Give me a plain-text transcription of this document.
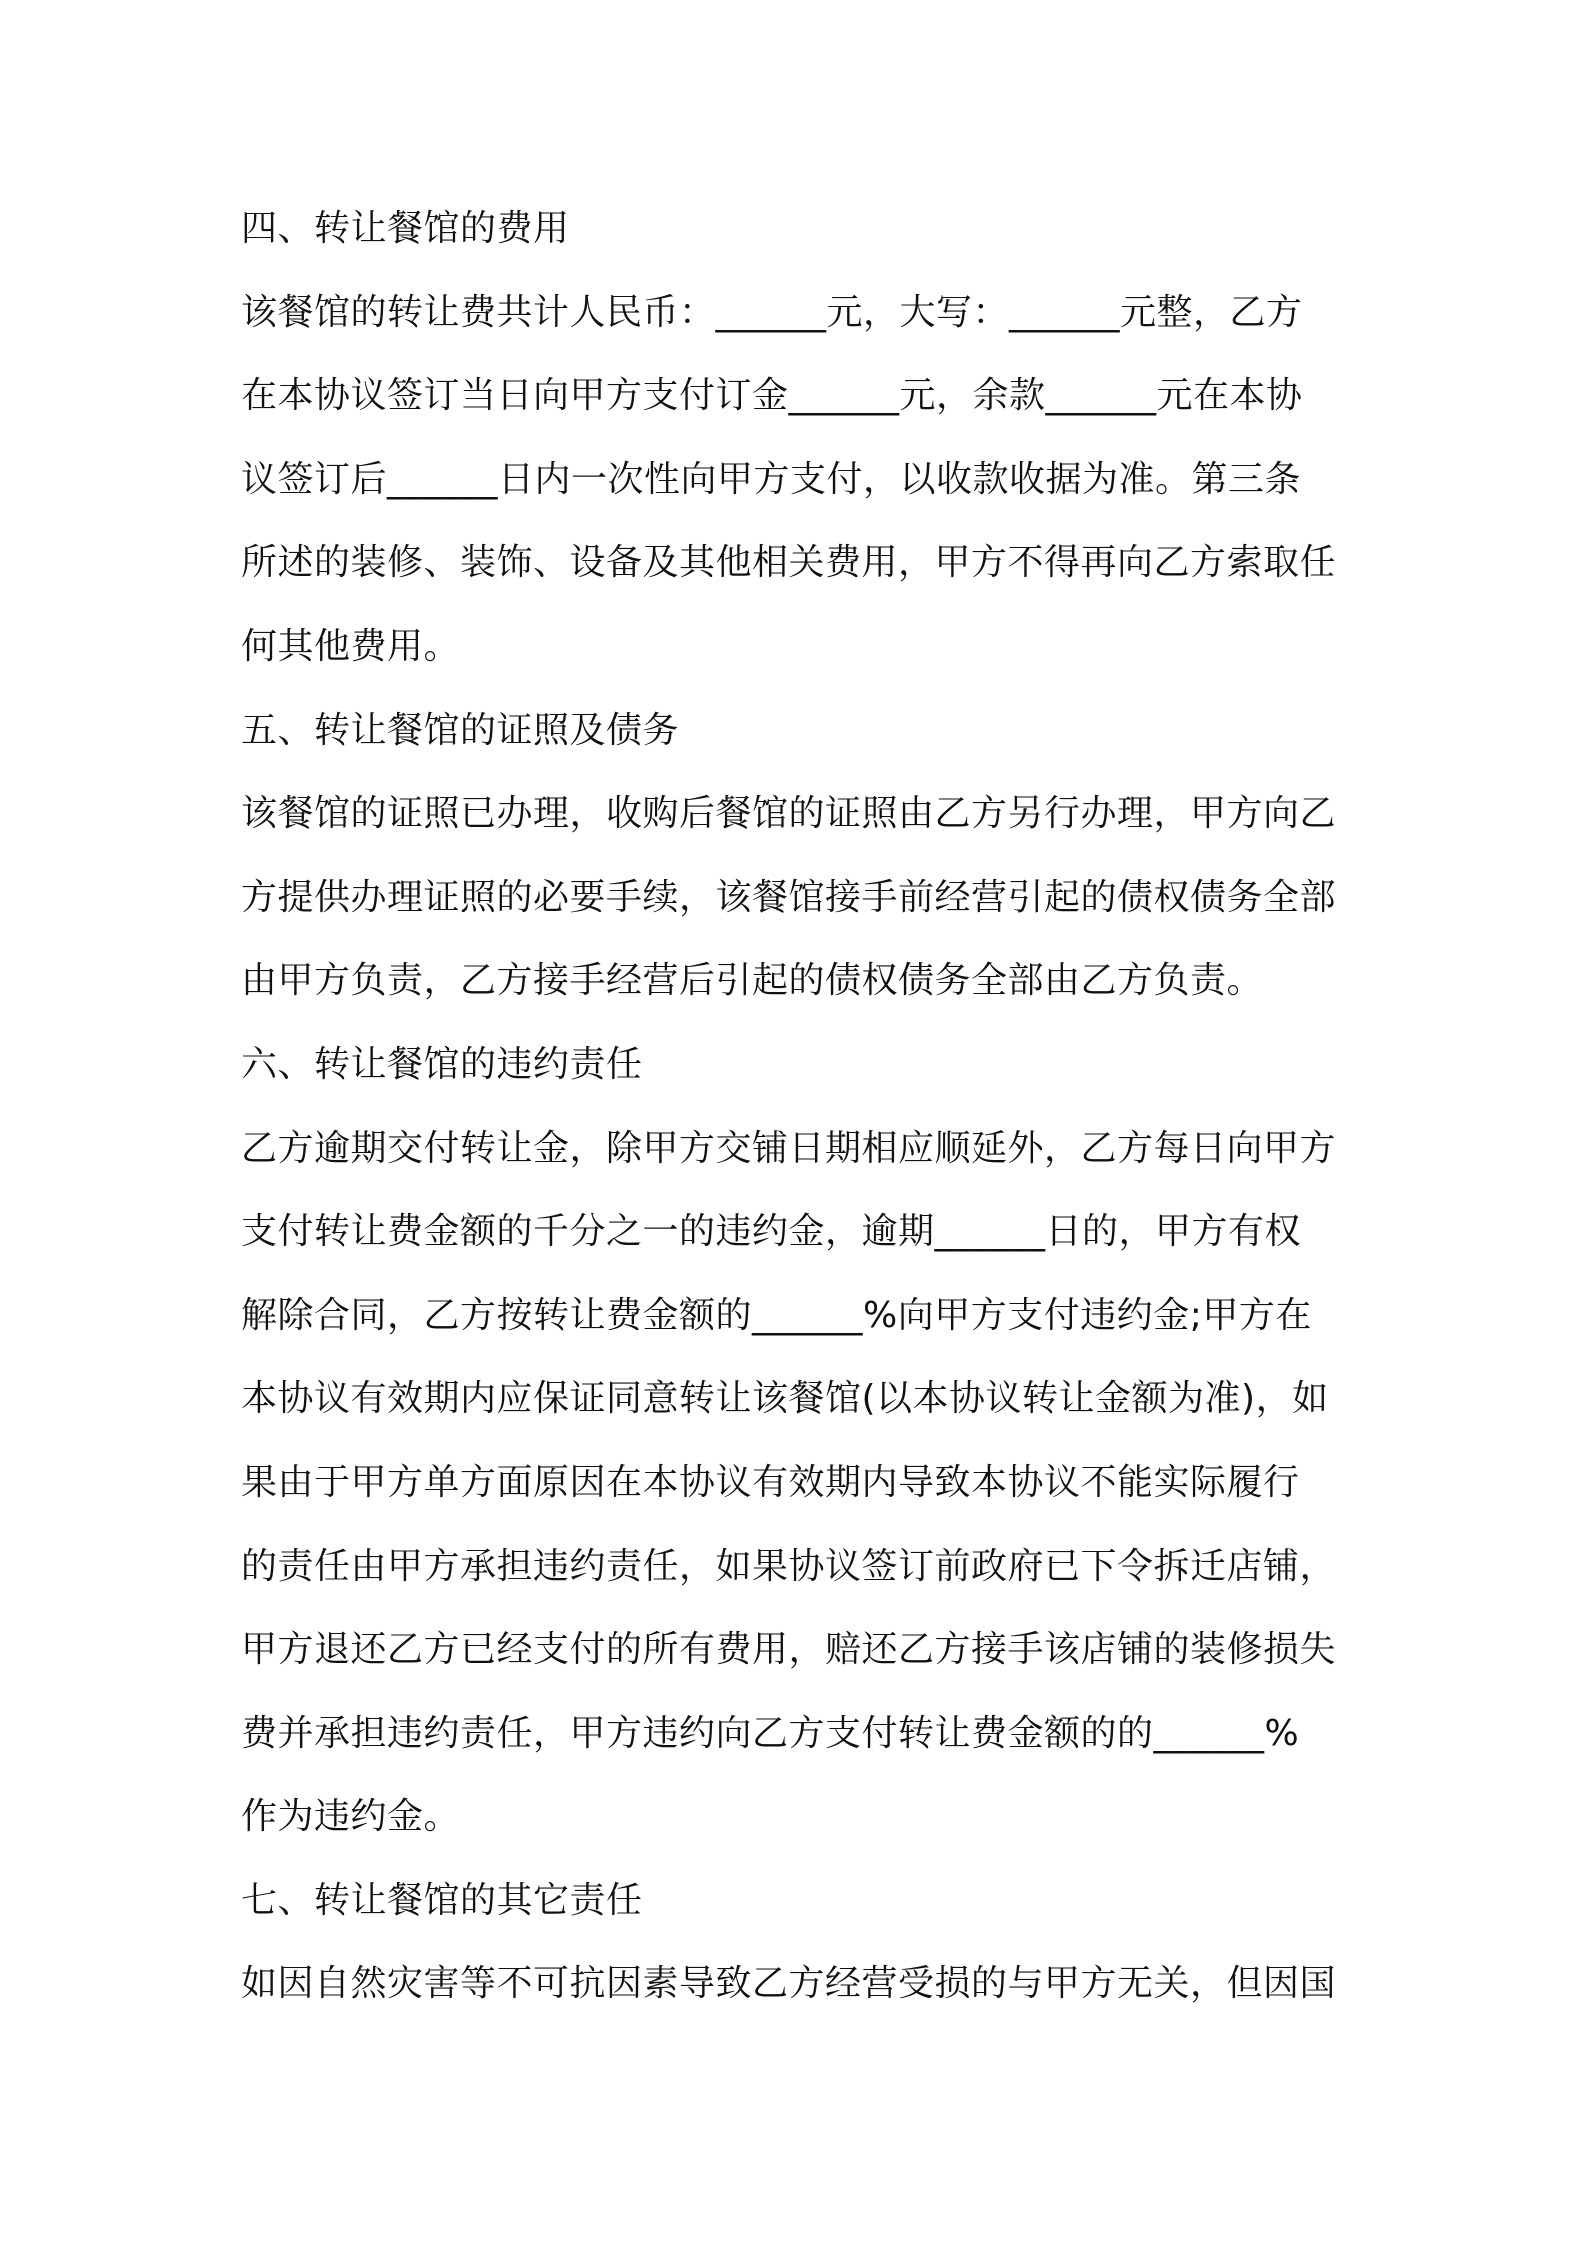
四、转让餐馆的费用
该餐馆的转让费共计人民币：______元，大写：______元整，乙方
在本协议签订当日向甲方支付订金______元，余款______元在本协
议签订后______日内一次性向甲方支付，以收款收据为准。第三条
所述的装修、装饰、设备及其他相关费用，甲方不得再向乙方索取任
何其他费用。
五、转让餐馆的证照及债务
该餐馆的证照已办理，收购后餐馆的证照由乙方另行办理，甲方向乙
方提供办理证照的必要手续，该餐馆接手前经营引起的债权债务全部
由甲方负责，乙方接手经营后引起的债权债务全部由乙方负责。
六、转让餐馆的违约责任
乙方逾期交付转让金，除甲方交铺日期相应顺延外，乙方每日向甲方
支付转让费金额的千分之一的违约金，逾期______日的，甲方有权
解除合同，乙方按转让费金额的______%向甲方支付违约金;甲方在
本协议有效期内应保证同意转让该餐馆(以本协议转让金额为准)，如
果由于甲方单方面原因在本协议有效期内导致本协议不能实际履行
的责任由甲方承担违约责任，如果协议签订前政府已下令拆迁店铺，
甲方退还乙方已经支付的所有费用，赔还乙方接手该店铺的装修损失
费并承担违约责任，甲方违约向乙方支付转让费金额的的______%
作为违约金。
七、转让餐馆的其它责任
如因自然灾害等不可抗因素导致乙方经营受损的与甲方无关，但因国
